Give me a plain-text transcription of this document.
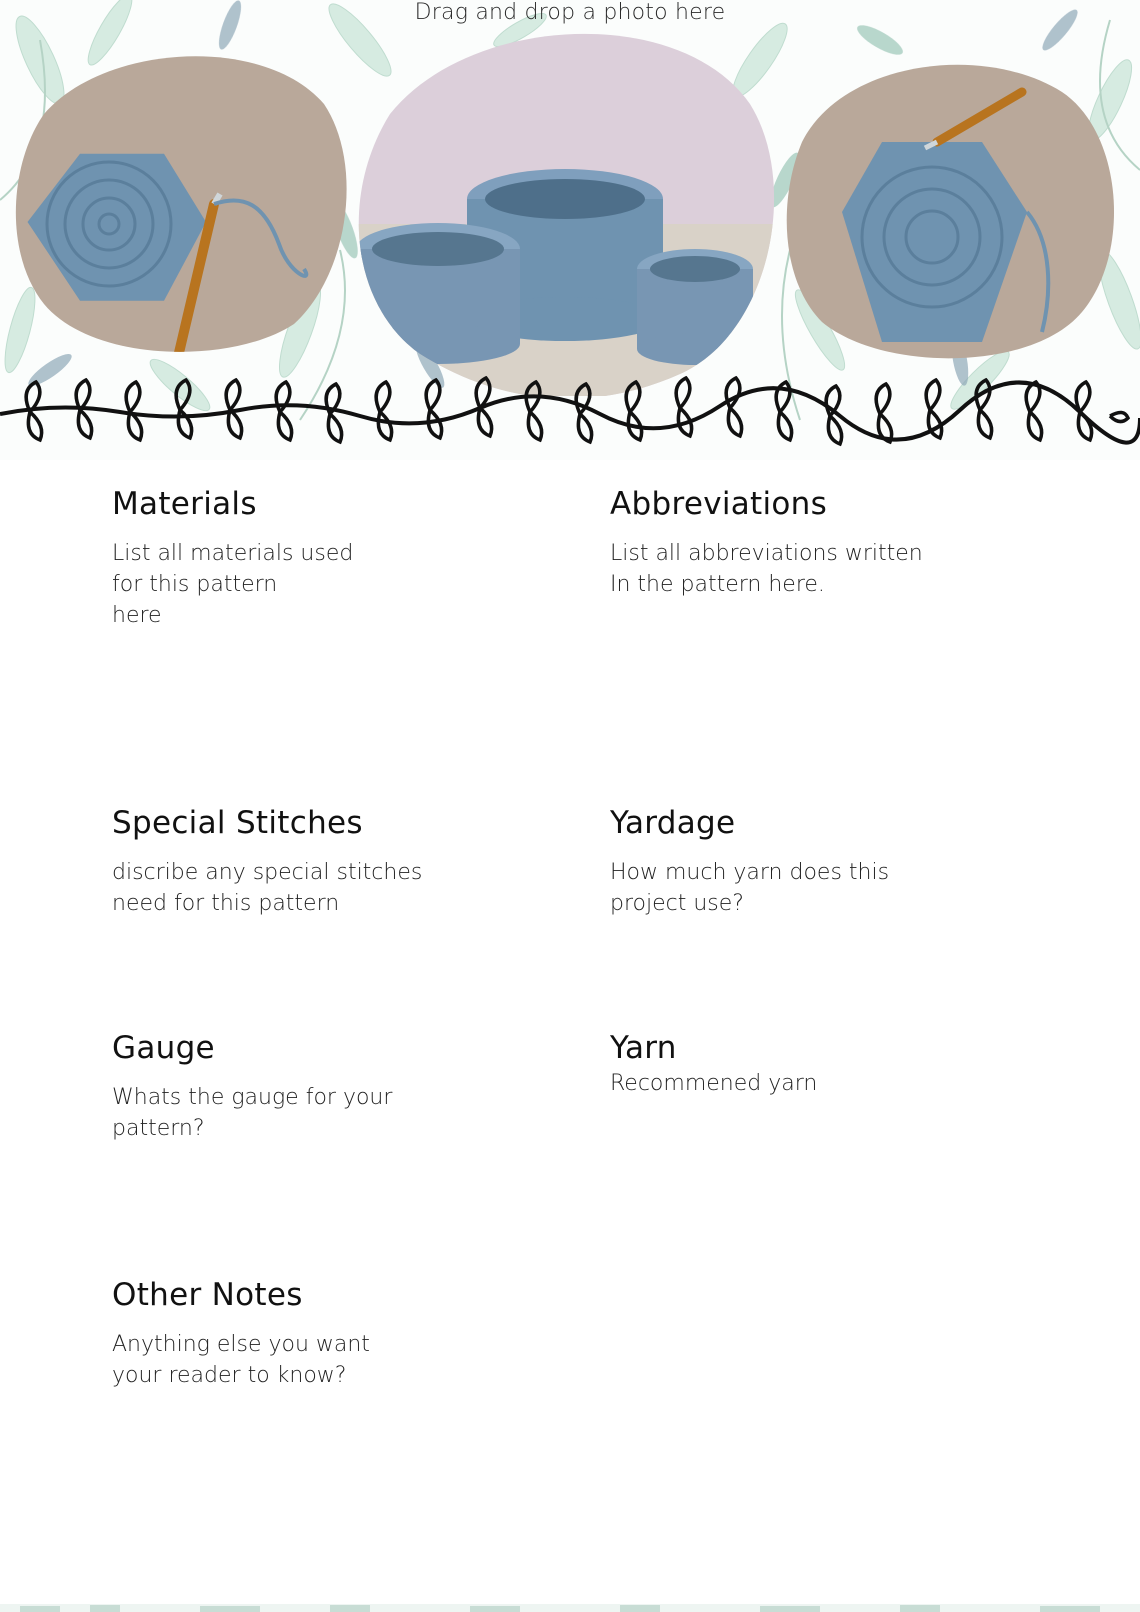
Drag and drop a photo here
Materials
List all materials used
for this pattern
here
Abbreviations
List all abbreviations written
In the pattern here.
Special Stitches
discribe any special stitches
need for this pattern
Yardage
How much yarn does this
project use?
Gauge
Whats the gauge for your
pattern?
Yarn
Recommened yarn
Other Notes
Anything else you want
your reader to know?
